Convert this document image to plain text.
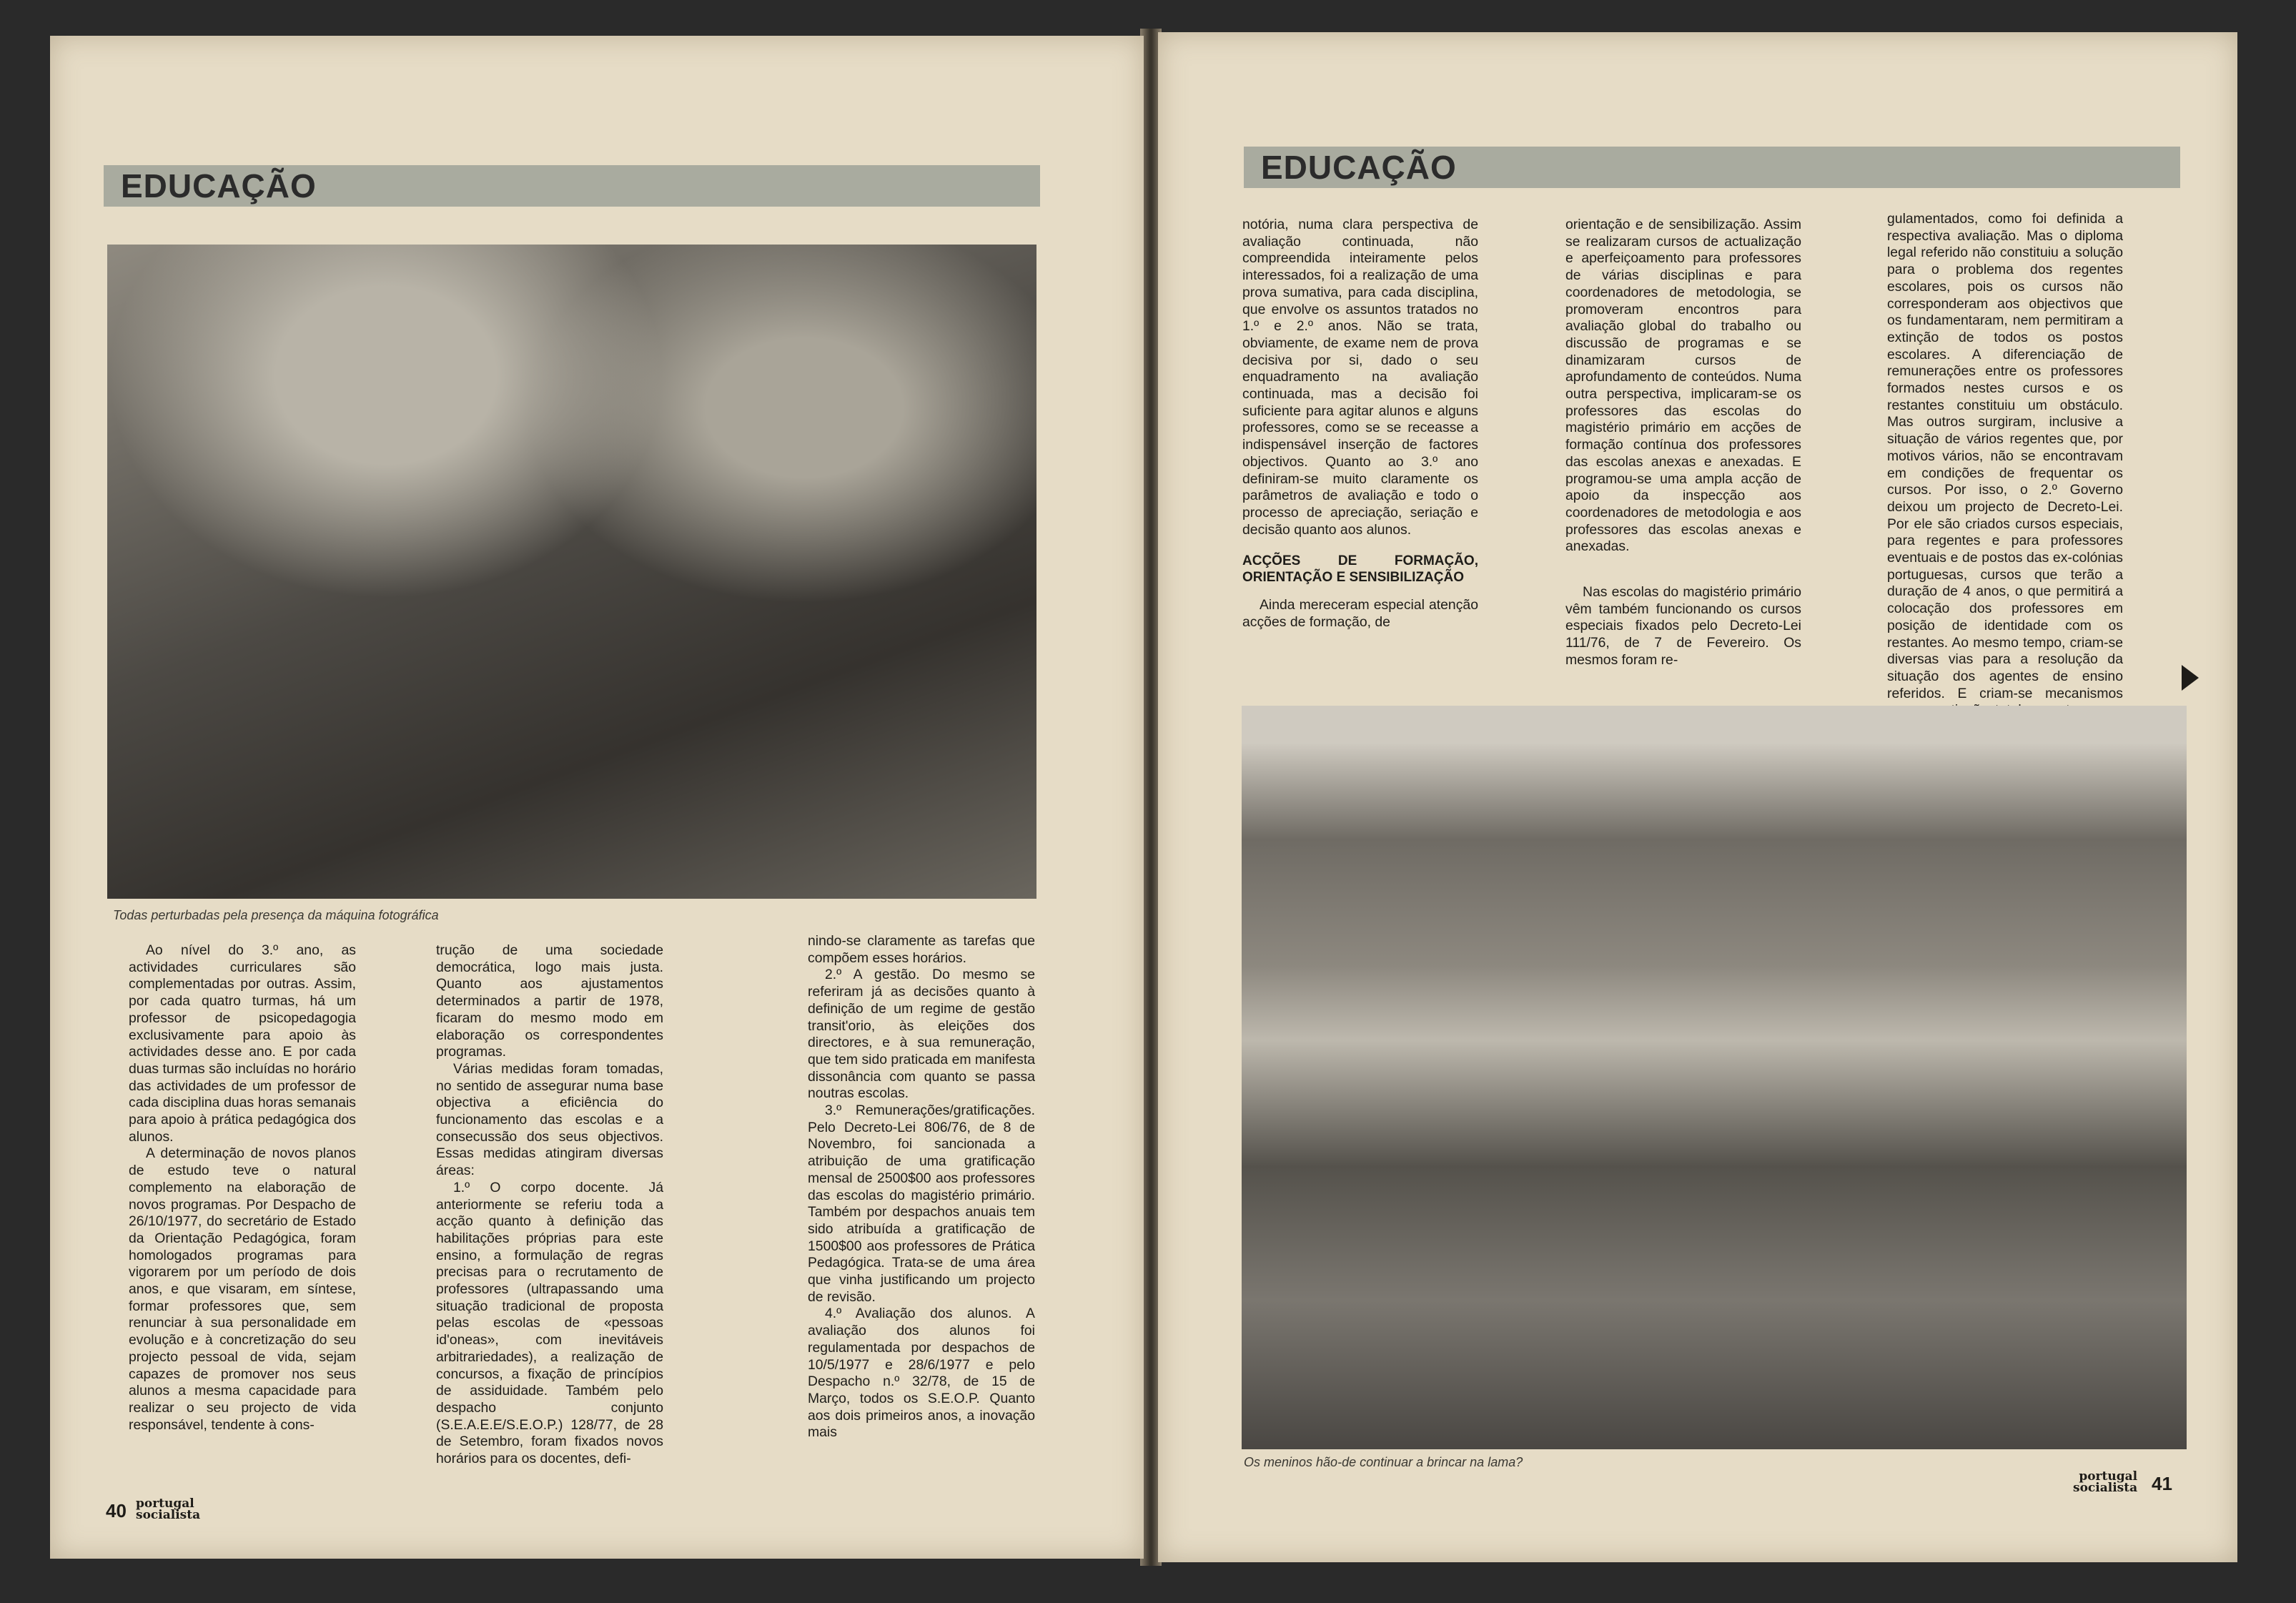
EDUCAÇÃO
Todas perturbadas pela presença da máquina fotográfica

Ao nível do 3.º ano, as actividades curriculares são complementadas por outras. Assim, por cada quatro turmas, há um professor de psicopedagogia exclusivamente para apoio às actividades desse ano. E por cada duas turmas são incluídas no horário das actividades de um professor de cada disciplina duas horas semanais para apoio à prática pedagógica dos alunos.

A determinação de novos planos de estudo teve o natural complemento na elaboração de novos programas. Por Despacho de 26/10/1977, do secretário de Estado da Orientação Pedagógica, foram homologados programas para vigorarem por um período de dois anos, e que visaram, em síntese, formar professores que, sem renunciar à sua personalidade em evolução e à concretização do seu projecto pessoal de vida, sejam capazes de promover nos seus alunos a mesma capacidade para realizar o seu projecto de vida responsável, tendente à cons-

trução de uma sociedade democrática, logo mais justa. Quanto aos ajustamentos determinados a partir de 1978, ficaram do mesmo modo em elaboração os correspondentes programas.

Várias medidas foram tomadas, no sentido de assegurar numa base objectiva a eficiência do funcionamento das escolas e a consecussão dos seus objectivos. Essas medidas atingiram diversas áreas:

1.º O corpo docente. Já anteriormente se referiu toda a acção quanto à definição das habilitações próprias para este ensino, a formulação de regras precisas para o recrutamento de professores (ultrapassando uma situação tradicional de proposta pelas escolas de «pessoas id'oneas», com inevitáveis arbitrariedades), a realização de concursos, a fixação de princípios de assiduidade. Também pelo despacho conjunto (S.E.A.E.E/S.E.O.P.) 128/77, de 28 de Setembro, foram fixados novos horários para os docentes, defi-

nindo-se claramente as tarefas que compõem esses horários.

2.º A gestão. Do mesmo se referiram já as decisões quanto à definição de um regime de gestão transit'orio, às eleições dos directores, e à sua remuneração, que tem sido praticada em manifesta dissonância com quanto se passa noutras escolas.

3.º Remunerações/gratificações. Pelo Decreto-Lei 806/76, de 8 de Novembro, foi sancionada a atribuição de uma gratificação mensal de 2500$00 aos professores das escolas do magistério primário. Também por despachos anuais tem sido atribuída a gratificação de 1500$00 aos professores de Prática Pedagógica. Trata-se de uma área que vinha justificando um projecto de revisão.

4.º Avaliação dos alunos. A avaliação dos alunos foi regulamentada por despachos de 10/5/1977 e 28/6/1977 e pelo Despacho n.º 32/78, de 15 de Março, todos os S.E.O.P. Quanto aos dois primeiros anos, a inovação mais

40 portugal
socialista
EDUCAÇÃO

notória, numa clara perspectiva de avaliação continuada, não compreendida inteiramente pelos interessados, foi a realização de uma prova sumativa, para cada disciplina, que envolve os assuntos tratados no 1.º e 2.º anos. Não se trata, obviamente, de exame nem de prova decisiva por si, dado o seu enquadramento na avaliação continuada, mas a decisão foi suficiente para agitar alunos e alguns professores, como se se receasse a indispensável inserção de factores objectivos. Quanto ao 3.º ano definiram-se muito claramente os parâmetros de avaliação e todo o processo de apreciação, seriação e decisão quanto aos alunos.

ACÇÕES DE FORMAÇÃO, ORIENTAÇÃO E SENSIBILIZAÇÃO

Ainda mereceram especial atenção acções de formação, de

orientação e de sensibilização. Assim se realizaram cursos de actualização e aperfeiçoamento para professores de várias disciplinas e para coordenadores de metodologia, se promoveram encontros para avaliação global do trabalho ou discussão de programas e se dinamizaram cursos de aprofundamento de conteúdos. Numa outra perspectiva, implicaram-se os professores das escolas do magistério primário em acções de formação contínua dos professores das escolas anexas e anexadas. E programou-se uma ampla acção de apoio da inspecção aos coordenadores de metodologia e aos professores das escolas anexas e anexadas.

Nas escolas do magistério primário vêm também funcionando os cursos especiais fixados pelo Decreto-Lei 111/76, de 7 de Fevereiro. Os mesmos foram re-

gulamentados, como foi definida a respectiva avaliação. Mas o diploma legal referido não constituiu a solução para o problema dos regentes escolares, pois os cursos não corresponderam aos objectivos que os fundamentaram, nem permitiram a extinção de todos os postos escolares. A diferenciação de remunerações entre os professores formados nestes cursos e os restantes constituiu um obstáculo. Mas outros surgiram, inclusive a situação de vários regentes que, por motivos vários, não se encontravam em condições de frequentar os cursos. Por isso, o 2.º Governo deixou um projecto de Decreto-Lei. Por ele são criados cursos especiais, para regentes e para professores eventuais e de postos das ex-colónias portuguesas, cursos que terão a duração de 4 anos, o que permitirá a colocação dos professores em posição de identidade com os restantes. Ao mesmo tempo, criam-se diversas vias para a resolução da situação dos agentes de ensino referidos. E criam-se mecanismos

Os meninos hão-de continuar a brincar na lama?
portugal
socialista 41
